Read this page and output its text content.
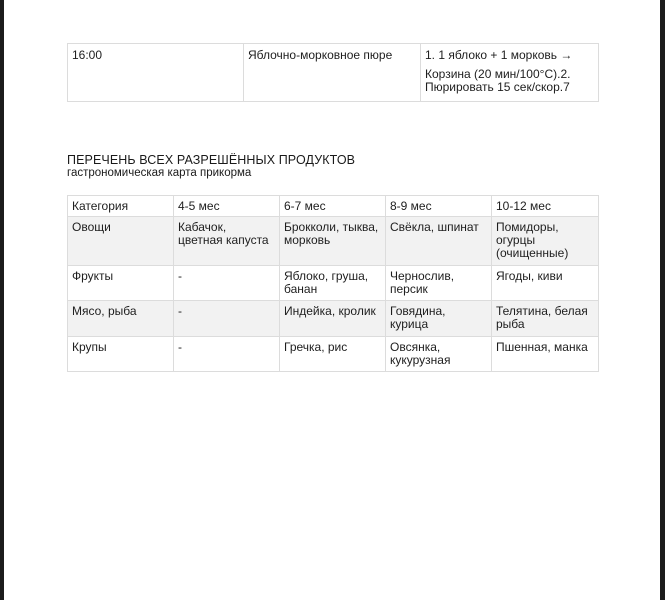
16:00	Яблочно-морковное пюре	1. 1 яблоко + 1 морковь →
Корзина (20 мин/100°C).2. Пюрировать 15 сек/скор.7
ПЕРЕЧЕНЬ ВСЕХ РАЗРЕШЁННЫХ ПРОДУКТОВ
гастрономическая карта прикорма
Категория	4-5 мес	6-7 мес	8-9 мес	10-12 мес
Овощи	Кабачок, цветная капуста	Брокколи, тыква, морковь	Свёкла, шпинат	Помидоры, огурцы (очищенные)
Фрукты	-	Яблоко, груша, банан	Чернослив, персик	Ягоды, киви
Мясо, рыба	-	Индейка, кролик	Говядина, курица	Телятина, белая рыба
Крупы	-	Гречка, рис	Овсянка, кукурузная	Пшенная, манка
